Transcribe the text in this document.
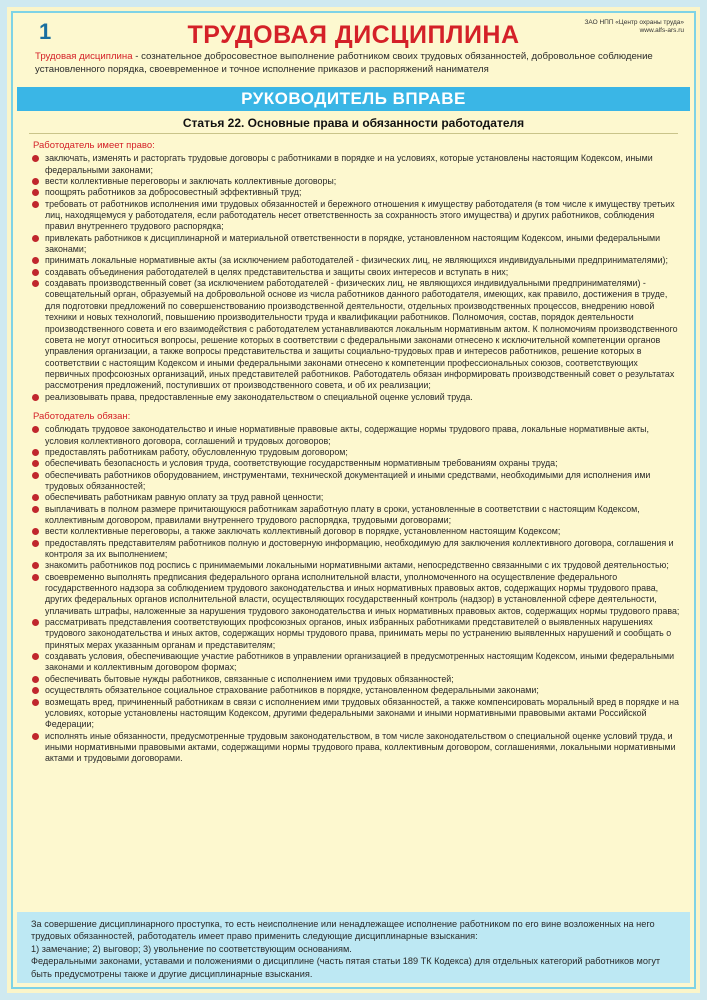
1	ТРУДОВАЯ ДИСЦИПЛИНА	ЗАО НПП «Центр охраны труда»
www.alfs-ars.ru
Трудовая дисциплина - сознательное добросовестное выполнение работником своих трудовых обязанностей, добровольное соблюдение установленного порядка, своевременное и точное исполнение приказов и распоряжений нанимателя
РУКОВОДИТЕЛЬ ВПРАВЕ
Статья 22. Основные права и обязанности работодателя
Работодатель имеет право:
заключать, изменять и расторгать трудовые договоры с работниками в порядке и на условиях, которые установлены настоящим Кодексом, иными федеральными законами;
вести коллективные переговоры и заключать коллективные договоры;
поощрять работников за добросовестный эффективный труд;
требовать от работников исполнения ими трудовых обязанностей и бережного отношения к имуществу работодателя (в том числе к имуществу третьих лиц, находящемуся у работодателя, если работодатель несет ответственность за сохранность этого имущества) и других работников, соблюдения правил внутреннего трудового распорядка;
привлекать работников к дисциплинарной и материальной ответственности в порядке, установленном настоящим Кодексом, иными федеральными законами;
принимать локальные нормативные акты (за исключением работодателей - физических лиц, не являющихся индивидуальными предпринимателями);
создавать объединения работодателей в целях представительства и защиты своих интересов и вступать в них;
создавать производственный совет (за исключением работодателей - физических лиц, не являющихся индивидуальными предпринимателями) - совещательный орган, образуемый на добровольной основе из числа работников данного работодателя, имеющих, как правило, достижения в труде, для подготовки предложений по совершенствованию производственной деятельности, отдельных производственных процессов, внедрению новой техники и новых технологий, повышению производительности труда и квалификации работников. Полномочия, состав, порядок деятельности производственного совета и его взаимодействия с работодателем устанавливаются локальным нормативным актом. К полномочиям производственного совета не могут относиться вопросы, решение которых в соответствии с федеральными законами отнесено к исключительной компетенции органов управления организации, а также вопросы представительства и защиты социально-трудовых прав и интересов работников, решение которых в соответствии с настоящим Кодексом и иными федеральными законами отнесено к компетенции профессиональных союзов, соответствующих первичных профсоюзных организаций, иных представителей работников. Работодатель обязан информировать производственный совет о результатах рассмотрения предложений, поступивших от производственного совета, и об их реализации;
реализовывать права, предоставленные ему законодательством о специальной оценке условий труда.
Работодатель обязан:
соблюдать трудовое законодательство и иные нормативные правовые акты, содержащие нормы трудового права, локальные нормативные акты, условия коллективного договора, соглашений и трудовых договоров;
предоставлять работникам работу, обусловленную трудовым договором;
обеспечивать безопасность и условия труда, соответствующие государственным нормативным требованиям охраны труда;
обеспечивать работников оборудованием, инструментами, технической документацией и иными средствами, необходимыми для исполнения ими трудовых обязанностей;
обеспечивать работникам равную оплату за труд равной ценности;
выплачивать в полном размере причитающуюся работникам заработную плату в сроки, установленные в соответствии с настоящим Кодексом, коллективным договором, правилами внутреннего трудового распорядка, трудовыми договорами;
вести коллективные переговоры, а также заключать коллективный договор в порядке, установленном настоящим Кодексом;
предоставлять представителям работников полную и достоверную информацию, необходимую для заключения коллективного договора, соглашения и контроля за их выполнением;
знакомить работников под роспись с принимаемыми локальными нормативными актами, непосредственно связанными с их трудовой деятельностью;
своевременно выполнять предписания федерального органа исполнительной власти, уполномоченного на осуществление федерального государственного надзора за соблюдением трудового законодательства и иных нормативных правовых актов, содержащих нормы трудового права, других федеральных органов исполнительной власти, осуществляющих государственный контроль (надзор) в установленной сфере деятельности, уплачивать штрафы, наложенные за нарушения трудового законодательства и иных нормативных правовых актов, содержащих нормы трудового права;
рассматривать представления соответствующих профсоюзных органов, иных избранных работниками представителей о выявленных нарушениях трудового законодательства и иных актов, содержащих нормы трудового права, принимать меры по устранению выявленных нарушений и сообщать о принятых мерах указанным органам и представителям;
создавать условия, обеспечивающие участие работников в управлении организацией в предусмотренных настоящим Кодексом, иными федеральными законами и коллективным договором формах;
обеспечивать бытовые нужды работников, связанные с исполнением ими трудовых обязанностей;
осуществлять обязательное социальное страхование работников в порядке, установленном федеральными законами;
возмещать вред, причиненный работникам в связи с исполнением ими трудовых обязанностей, а также компенсировать моральный вред в порядке и на условиях, которые установлены настоящим Кодексом, другими федеральными законами и иными нормативными правовыми актами Российской Федерации;
исполнять иные обязанности, предусмотренные трудовым законодательством, в том числе законодательством о специальной оценке условий труда, и иными нормативными правовыми актами, содержащими нормы трудового права, коллективным договором, соглашениями, локальными нормативными актами и трудовыми договорами.
За совершение дисциплинарного проступка, то есть неисполнение или ненадлежащее исполнение работником по его вине возложенных на него трудовых обязанностей, работодатель имеет право применить следующие дисциплинарные взыскания:
1) замечание; 2) выговор; 3) увольнение по соответствующим основаниям.
Федеральными законами, уставами и положениями о дисциплине (часть пятая статьи 189 ТК Кодекса) для отдельных категорий работников могут быть предусмотрены также и другие дисциплинарные взыскания.
